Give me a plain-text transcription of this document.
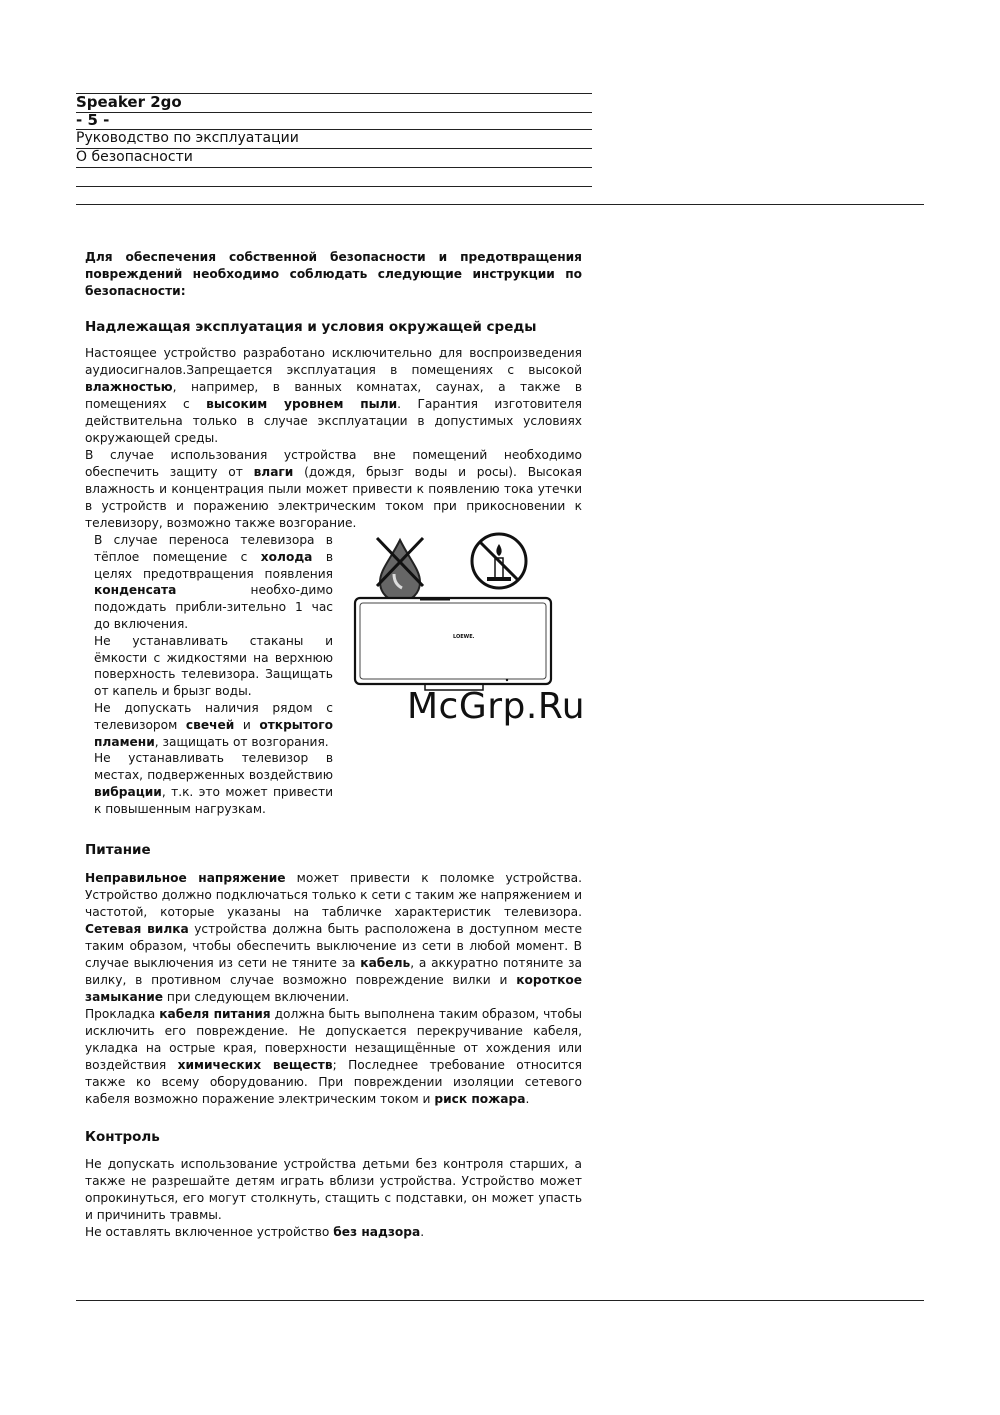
Speaker 2go
- 5 -
Руководство по эксплуатации
О безопасности
Для обеспечения собственной безопасности и предотвращения повреждений необходимо соблюдать следующие инструкции по безопасности:
Надлежащая эксплуатация и условия окружащей среды

Настоящее устройство разработано исключительно для воспроизведения аудиосигналов.Запрещается эксплуатация в помещениях с высокой влажностью, например, в ванных комнатах, саунах, а также в помещениях с высоким уровнем пыли. Гарантия изготовителя действительна только в случае эксплуатации в допустимых условиях окружающей среды.

В случае использования устройства вне помещений необходимо обеспечить защиту от влаги (дождя, брызг воды и росы). Высокая влажность и концентрация пыли может привести к появлению тока утечки в устройств и поражению электрическим током при прикосновении к телевизору, возможно также возгорание.

В случае переноса телевизора в тёплое помещение с холода в целях предотвращения появления конденсата необхо-димо подождать прибли-зительно 1 час до включения.

Не устанавливать стаканы и ёмкости с жидкостями на верхнюю поверхность телевизора. Защищать от капель и брызг воды.

Не допускать наличия рядом с телевизором свечей и открытого пламени, защищать от возгорания.

Не устанавливать телевизор в местах, подверженных воздействию вибрации, т.к. это может привести к повышенным нагрузкам.

LOEWE.
McGrp.Ru
Питание

Неправильное напряжение может привести к поломке устройства. Устройство должно подключаться только к сети с таким же напряжением и частотой, которые указаны на табличке характеристик телевизора. Сетевая вилка устройства должна быть расположена в доступном месте таким образом, чтобы обеспечить выключение из сети в любой момент. В случае выключения из сети не тяните за кабель, а аккуратно потяните за вилку, в противном случае возможно повреждение вилки и короткое замыкание при следующем включении.

Прокладка кабеля питания должна быть выполнена таким образом, чтобы исключить его повреждение. Не допускается перекручивание кабеля, укладка на острые края, поверхности незащищённые от хождения или воздействия химических веществ; Последнее требование относится также ко всему оборудованию. При повреждении изоляции сетевого кабеля возможно поражение электрическим током и риск пожара.

Контроль

Не допускать использование устройства детьми без контроля старших, а также не разрешайте детям играть вблизи устройства. Устройство может опрокинуться, его могут столкнуть, стащить с подставки, он может упасть и причинить травмы.

Не оставлять включенное устройство без надзора.
